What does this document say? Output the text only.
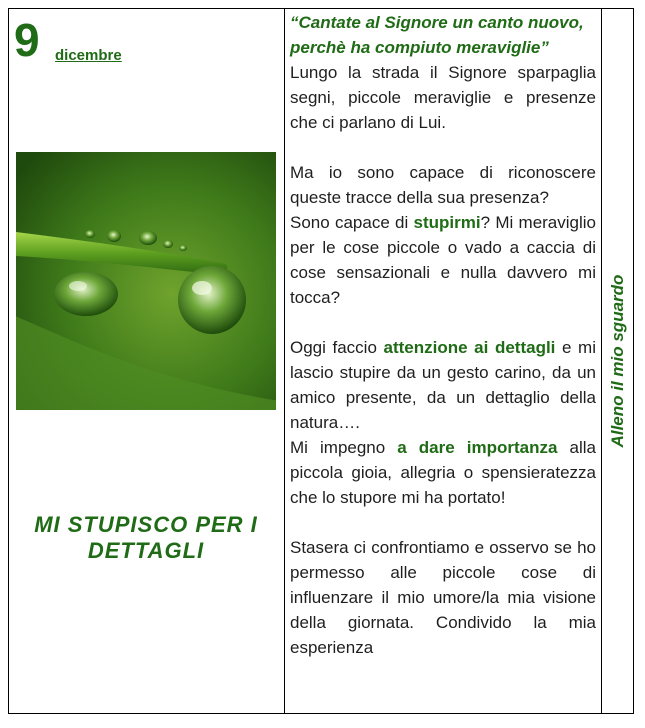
9 dicembre
MI STUPISCO PER I DETTAGLI

“Cantate al Signore un canto nuovo, perchè ha compiuto meraviglie”

Lungo la strada il Signore sparpaglia segni, piccole meraviglie e presenze che ci parlano di Lui.

Ma io sono capace di riconoscere queste tracce della sua presenza?

Sono capace di stupirmi? Mi meraviglio per le cose piccole o vado a caccia di cose sensazionali e nulla davvero mi tocca?

Oggi faccio attenzione ai dettagli e mi lascio stupire da un gesto carino, da un amico presente, da un dettaglio della natura….

Mi impegno a dare importanza alla piccola gioia, allegria o spensieratezza che lo stupore mi ha portato!

Stasera ci confrontiamo e osservo se ho permesso alle piccole cose di influenzare il mio umore/la mia visione della giornata. Condivido la mia esperienza

Alleno il mio sguardo
